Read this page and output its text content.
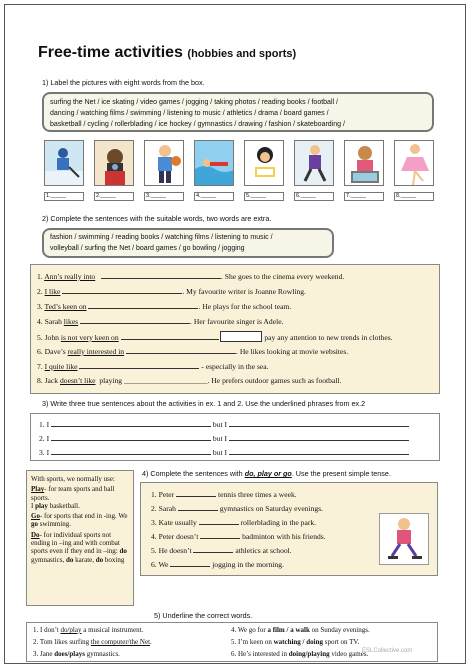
Free-time activities (hobbies and sports)
1) Label the pictures with eight words from the box.
surfing the Net / ice skating / video games / jogging / taking photos / reading books / football /
dancing / watching films / swimming / listening to music / athletics / drama / board games /
basketball / cycling / rollerblading / ice hockey / gymnastics / drawing / fashion / skateboarding /
1._____	2._____	3._____	4._____	5._____	6._____	7._____	8._____
2) Complete the sentences with the suitable words, two words are extra.
fashion / swimming / reading books / watching films / listening to music /
volleyball / surfing the Net / board games / go bowling / jogging
1. Ann’s really into	. She goes to the cinema every weekend.
2. I like	. My favourite writer is Joanne Rowling.
3. Ted’s keen on	. He plays for the school team.
4. Sarah likes	. Her favourite singer is Adele.
5. John is not very keen on	pay any attention to new trends in clothes.
6. Dave’s really interested in	. He likes looking at movie websites.
7. I quite like	- especially in the sea.
8. Jack doesn’t like  playing ______________________. He prefers outdoor games such as football.
3) Write three true sentences about the activities in ex. 1 and 2. Use the underlined phrases from ex.2
1. I	but I
2. I	but I
3. I	but I
With sports, we normally use:
Play- for team sports and ball sports.
I play basketball.
Go- for sports that end in -ing. We go swimming.
Do- for individual sports not ending in –ing and with combat sports even if they end in –ing: do gymnastics, do karate, do boxing
4) Complete the sentences with do, play or go. Use the present simple tense.
1. Peter	tennis three times a week.
2. Sarah	gymnastics on Saturday evenings.
3. Kate usually	rollerblading in the park.
4. Peter doesn’t	badminton with his friends.
5. He doesn’t	athletics at school.
6. We	jogging in the morning.
5) Underline the correct words.
1. I don’t do/play a musical instrument.
2. Tom likes surfing the computer/the Net.
3. Jane does/plays gymnastics.
4. We go for a film / a walk on Sunday evenings.
5. I’m keen on watching / doing sport on TV.
6. He’s interested in doing/playing video games.
ESLCollective.com
